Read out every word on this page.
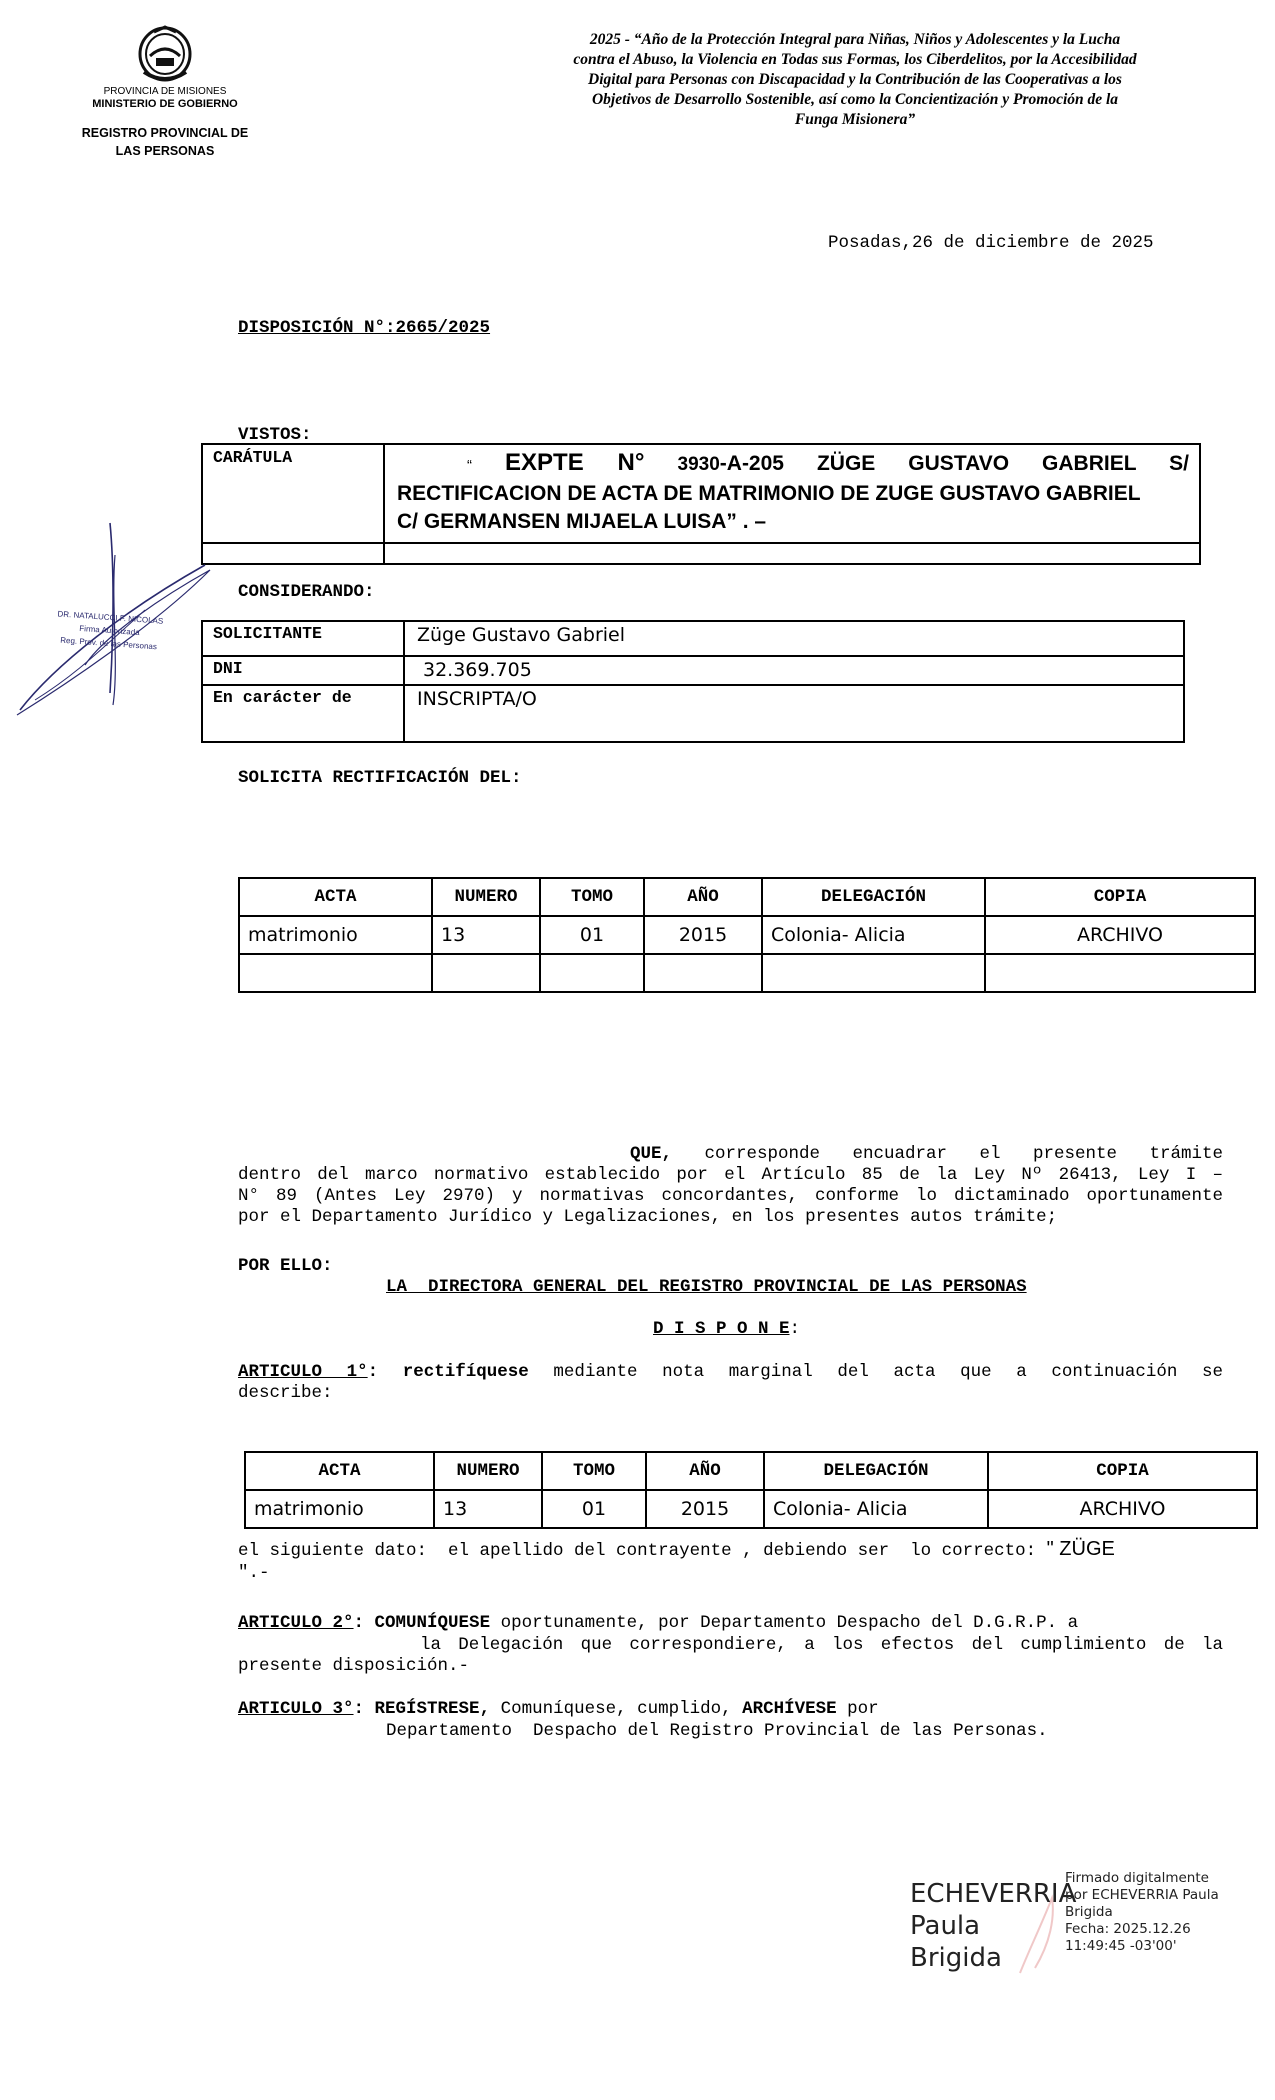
PROVINCIA DE MISIONES
MINISTERIO DE GOBIERNO
REGISTRO PROVINCIAL DE
LAS PERSONAS
2025 - “Año de la Protección Integral para Niñas, Niños y Adolescentes y la Lucha
contra el Abuso, la Violencia en Todas sus Formas, los Ciberdelitos, por la Accesibilidad
Digital para Personas con Discapacidad y la Contribución de las Cooperativas a los
Objetivos de Desarrollo Sostenible, así como la Concientización y Promoción de la
Funga Misionera”
Posadas,26 de diciembre de 2025
DISPOSICIÓN N°:2665/2025
VISTOS:
CARÁTULA	“ EXPTE N° 3930-A-205 ZÜGE GUSTAVO GABRIEL S/
RECTIFICACION DE ACTA DE MATRIMONIO DE ZUGE GUSTAVO GABRIEL
C/ GERMANSEN MIJAELA LUISA” . –

DR. NATALUCCI F. NICOLAS
Firma Autorizada
Reg. Prov. de las Personas
CONSIDERANDO:
SOLICITANTE	Züge Gustavo Gabriel
DNI	32.369.705
En carácter de	INSCRIPTA/O
SOLICITA RECTIFICACIÓN DEL:
ACTA	NUMERO	TOMO	AÑO	DELEGACIÓN	COPIA
matrimonio	13	01	2015	Colonia- Alicia	ARCHIVO

QUE, corresponde encuadrar el presente trámite
dentro del marco normativo establecido por el Artículo 85 de la Ley Nº 26413, Ley I –
N° 89 (Antes Ley 2970) y normativas concordantes, conforme lo dictaminado oportunamente
por el Departamento Jurídico y Legalizaciones, en los presentes autos trámite;
POR ELLO:
LA  DIRECTORA GENERAL DEL REGISTRO PROVINCIAL DE LAS PERSONAS
D I S P O N E:
ARTICULO 1°: rectifíquese mediante nota marginal del acta que a continuación se
describe:
ACTA	NUMERO	TOMO	AÑO	DELEGACIÓN	COPIA
matrimonio	13	01	2015	Colonia- Alicia	ARCHIVO
el siguiente dato:  el apellido del contrayente , debiendo ser  lo correcto: " ZÜGE
".-
ARTICULO 2°: COMUNÍQUESE oportunamente, por Departamento Despacho del D.G.R.P. a
la Delegación que correspondiere, a los efectos del cumplimiento de la
presente disposición.-
ARTICULO 3°: REGÍSTRESE, Comuníquese, cumplido, ARCHÍVESE por
Departamento  Despacho del Registro Provincial de las Personas.
ECHEVERRIA
Paula Brigida
Firmado digitalmente
por ECHEVERRIA Paula
Brigida
Fecha: 2025.12.26
11:49:45 -03'00'
